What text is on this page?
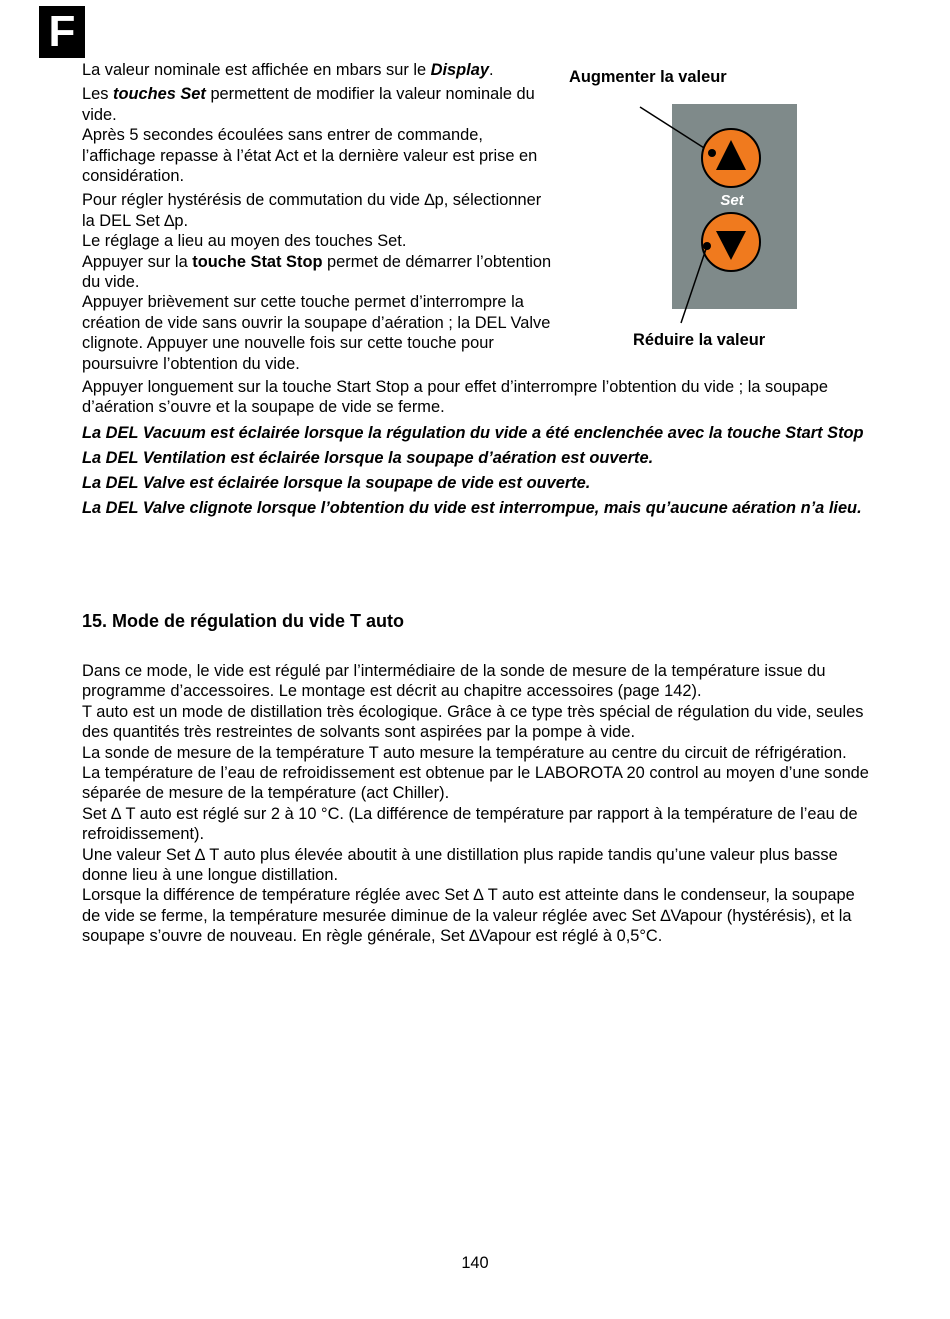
F

La valeur nominale est affichée en mbars sur le Display.

Les touches Set permettent de modifier la valeur nominale du vide.

Après 5 secondes écoulées sans entrer de commande, l’affichage repasse à l’état Act et la dernière valeur est prise en considération.

Pour régler hystérésis de commutation du vide ∆p, sélectionner la DEL Set ∆p.

Le réglage a lieu au moyen des touches Set.

Appuyer sur la touche Stat Stop permet de démarrer l’obtention du vide.

Appuyer brièvement sur cette touche permet d’interrompre la création de vide sans ouvrir la soupape d’aération ; la DEL Valve clignote. Appuyer une nouvelle fois sur cette touche pour poursuivre l’obtention du vide.

Appuyer longuement sur la touche Start Stop a pour effet d’interrompre l’obtention du vide ; la soupape d’aération s’ouvre et la soupape de vide se ferme.

La DEL Vacuum est éclairée lorsque la régulation du vide a été enclenchée avec la touche Start Stop

La DEL Ventilation est éclairée lorsque la soupape d’aération est ouverte.

La DEL Valve est éclairée lorsque la soupape de vide est ouverte.

La DEL Valve clignote lorsque l’obtention du vide est interrompue, mais qu’aucune aération n’a lieu.

Augmenter la valeur
Set
Réduire la valeur
15. Mode de régulation du vide T auto

Dans ce mode, le vide est régulé par l’intermédiaire de la sonde de mesure de la température issue du programme d’accessoires. Le montage est décrit au chapitre accessoires (page 142).

T auto est un mode de distillation très écologique. Grâce à ce type très spécial de régulation du vide, seules des quantités très restreintes de solvants sont aspirées par la pompe à vide.

La sonde de mesure de la température T auto mesure la température au centre du circuit de réfrigération.

La température de l’eau de refroidissement est obtenue par le LABOROTA 20 control au moyen d’une sonde séparée de mesure de la température (act Chiller).

Set ∆ T auto est réglé sur 2 à 10 °C. (La différence de température par rapport à la température de l’eau de refroidissement).

Une valeur Set ∆ T auto plus élevée aboutit à une distillation plus rapide tandis qu’une valeur plus basse donne lieu à une longue distillation.

Lorsque la différence de température réglée avec Set ∆ T auto est atteinte dans le condenseur, la soupape de vide se ferme, la température mesurée diminue de la valeur réglée avec Set ∆Vapour (hystérésis), et la soupape s’ouvre de nouveau. En règle générale, Set ∆Vapour est réglé à 0,5°C.

140
